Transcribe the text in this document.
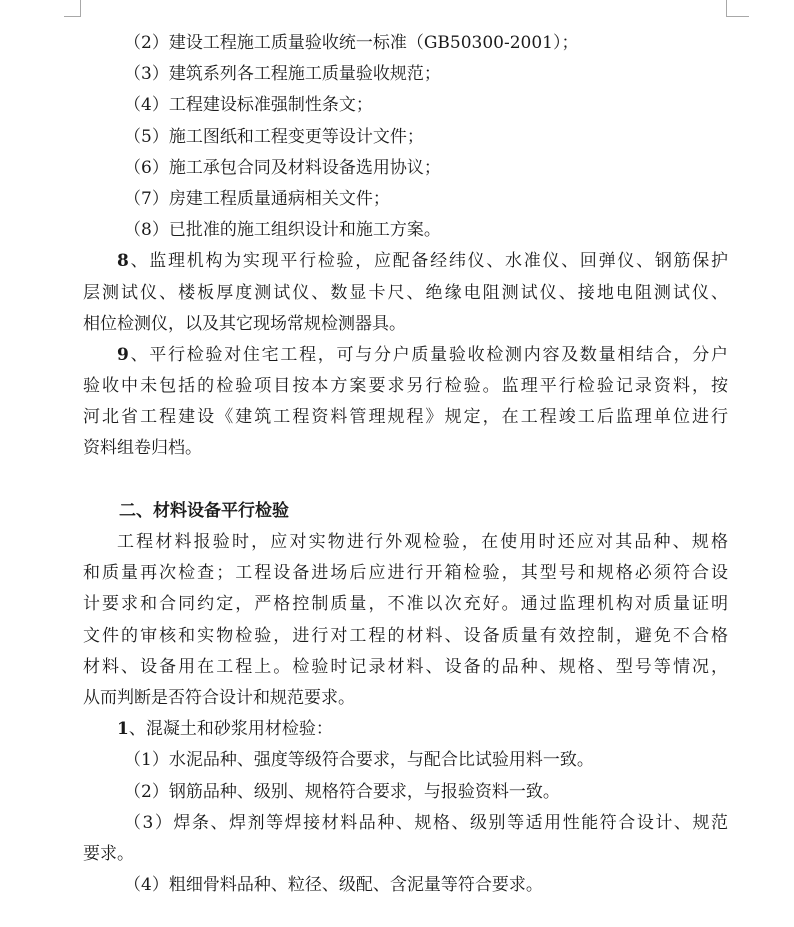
（2）建设工程施工质量验收统一标准（GB50300-2001）；
（3）建筑系列各工程施工质量验收规范；
（4）工程建设标准强制性条文；
（5）施工图纸和工程变更等设计文件；
（6）施工承包合同及材料设备选用协议；
（7）房建工程质量通病相关文件；
（8）已批准的施工组织设计和施工方案。
8、监理机构为实现平行检验，应配备经纬仪、水准仪、回弹仪、钢筋保护
层测试仪、楼板厚度测试仪、数显卡尺、绝缘电阻测试仪、接地电阻测试仪、
相位检测仪，以及其它现场常规检测器具。
9、平行检验对住宅工程，可与分户质量验收检测内容及数量相结合，分户
验收中未包括的检验项目按本方案要求另行检验。监理平行检验记录资料，按
河北省工程建设《建筑工程资料管理规程》规定，在工程竣工后监理单位进行
资料组卷归档。
二、材料设备平行检验
工程材料报验时，应对实物进行外观检验，在使用时还应对其品种、规格
和质量再次检查；工程设备进场后应进行开箱检验，其型号和规格必须符合设
计要求和合同约定，严格控制质量，不准以次充好。通过监理机构对质量证明
文件的审核和实物检验，进行对工程的材料、设备质量有效控制，避免不合格
材料、设备用在工程上。检验时记录材料、设备的品种、规格、型号等情况，
从而判断是否符合设计和规范要求。
1、混凝土和砂浆用材检验：
（1）水泥品种、强度等级符合要求，与配合比试验用料一致。
（2）钢筋品种、级别、规格符合要求，与报验资料一致。
（3）焊条、焊剂等焊接材料品种、规格、级别等适用性能符合设计、规范
要求。
（4）粗细骨料品种、粒径、级配、含泥量等符合要求。
